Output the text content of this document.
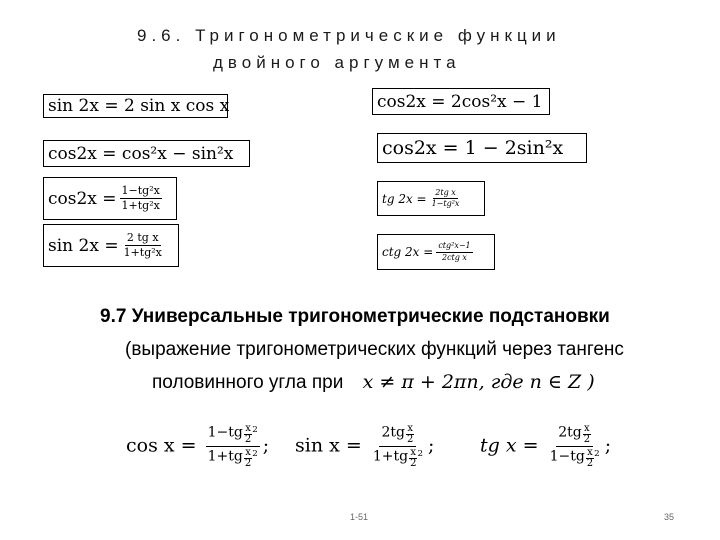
9.6. Тригонометрические функции
двойного аргумента
sin 2x = 2 sin x cos x
cos2x = cos²x − sin²x
$\cos 2x = \frac{\text{1−tg²x}}{\text{1+tg²x}}$
$\sin 2x = \frac{\text{2 tg x}}{\text{1+tg²x}}$
cos2x = 2cos²x − 1
cos2x = 1 − 2sin²x
tg $2x = \frac{\text{2tg x}}{\text{1−tg²x}}$
ctg $2x = \frac{\text{ctg²x−1}}{\text{2ctg x}}$
9.7 Универсальные тригонометрические подстановки
(выражение тригонометрических функций через тангенс
половинного угла при x ≠ π + 2πn, где n ∈ Z )
$\cos x = \frac{1-tg \frac{x}{2} ^2}{1+tg \frac{x}{2} ^2}$ ; $\sin x = \frac{2tg \frac{x}{2}}{1+tg \frac{x}{2} ^2}$ ; tg $x = \frac{2tg \frac{x}{2}}{1-tg \frac{x}{2} ^2}$ ;
1-51	35
